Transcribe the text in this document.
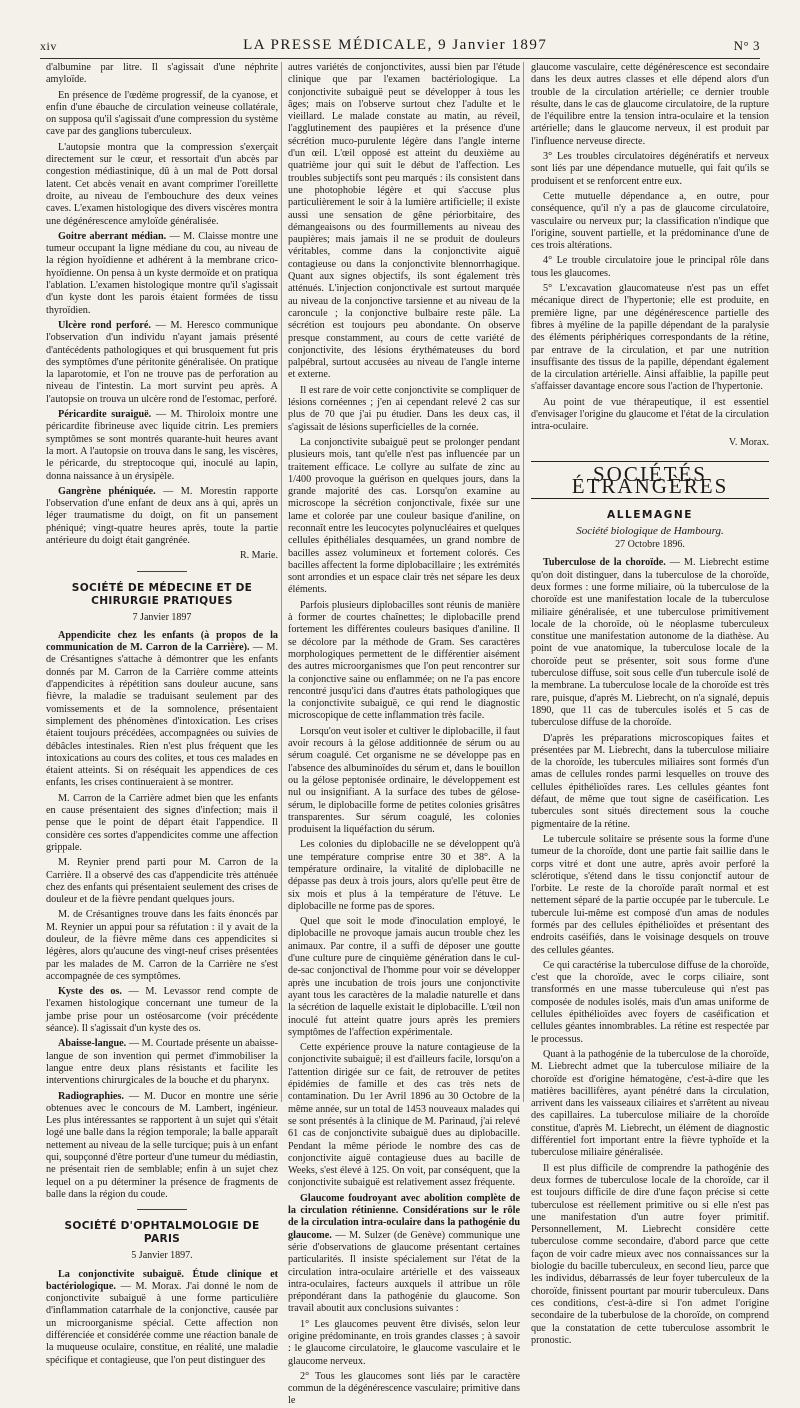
xiv	LA PRESSE MÉDICALE, 9 Janvier 1897	N° 3

d'albumine par litre. Il s'agissait d'une néphrite amyloïde.

En présence de l'œdème progressif, de la cyanose, et enfin d'une ébauche de circulation veineuse collatérale, on supposa qu'il s'agissait d'une compression du système cave par des ganglions tuberculeux.

L'autopsie montra que la compression s'exerçait directement sur le cœur, et ressortait d'un abcès par congestion médiastinique, dû à un mal de Pott dorsal latent. Cet abcès venait en avant comprimer l'oreillette droite, au niveau de l'embouchure des deux veines caves. L'examen histologique des divers viscères montra une dégénérescence amyloïde généralisée.

Goitre aberrant médian. — M. Claisse montre une tumeur occupant la ligne médiane du cou, au niveau de la région hyoïdienne et adhérent à la membrane crico-hyoïdienne. On pensa à un kyste dermoïde et on pratiqua l'ablation. L'examen histologique montre qu'il s'agissait d'un kyste dont les parois étaient formées de tissu thyroïdien.

Ulcère rond perforé. — M. Heresco communique l'observation d'un individu n'ayant jamais présenté d'antécédents pathologiques et qui brusquement fut pris des symptômes d'une péritonite généralisée. On pratique la laparotomie, et l'on ne trouve pas de perforation au niveau de l'intestin. La mort survint peu après. A l'autopsie on trouva un ulcère rond de l'estomac, perforé.

Péricardite suraiguë. — M. Thiroloix montre une péricardite fibrineuse avec liquide citrin. Les premiers symptômes se sont montrés quarante-huit heures avant la mort. A l'autopsie on trouva dans le sang, les viscères, le péricarde, du streptocoque qui, inoculé au lapin, donna naissance à un érysipèle.

Gangrène phéniquée. — M. Morestin rapporte l'observation d'une enfant de deux ans à qui, après un léger traumatisme du doigt, on fit un pansement phéniqué; vingt-quatre heures après, toute la partie antérieure du doigt était gangrénée.

R. Marie.
SOCIÉTÉ DE MÉDECINE ET DE CHIRURGIE PRATIQUES
7 Janvier 1897

Appendicite chez les enfants (à propos de la communication de M. Carron de la Carrière). — M. de Crésantignes s'attache à démontrer que les enfants donnés par M. Carron de la Carrière comme atteints d'appendicites à répétition sans douleur aucune, sans fièvre, la maladie se traduisant seulement par des vomissements et de la somnolence, présentaient simplement des phénomènes d'intoxication. Les crises étaient toujours précédées, accompagnées ou suivies de débâcles intestinales. Rien n'est plus fréquent que les intoxications au cours des colites, et tous ces malades en étaient atteints. Si on réséquait les appendices de ces enfants, les crises continueraient à se montrer.

M. Carron de la Carrière admet bien que les enfants en cause présentaient des signes d'infection; mais il pense que le point de départ était l'appendice. Il considère ces sortes d'appendicites comme une affection grippale.

M. Reynier prend parti pour M. Carron de la Carrière. Il a observé des cas d'appendicite très atténuée chez des enfants qui présentaient seulement des crises de douleur et de la fièvre pendant quelques jours.

M. de Crésantignes trouve dans les faits énoncés par M. Reynier un appui pour sa réfutation : il y avait de la douleur, de la fièvre même dans ces appendicites si légères, alors qu'aucune des vingt-neuf crises présentées par les malades de M. Carron de la Carrière ne s'est accompagnée de ces symptômes.

Kyste des os. — M. Levassor rend compte de l'examen histologique concernant une tumeur de la jambe prise pour un ostéosarcome (voir précédente séance). Il s'agissait d'un kyste des os.

Abaisse-langue. — M. Courtade présente un abaisse-langue de son invention qui permet d'immobiliser la langue entre deux plans résistants et facilite les interventions chirurgicales de la bouche et du pharynx.

Radiographies. — M. Ducor en montre une série obtenues avec le concours de M. Lambert, ingénieur. Les plus intéressantes se rapportent à un sujet qui s'était logé une balle dans la région temporale; la balle apparaît nettement au niveau de la selle turcique; puis à un enfant qui, soupçonné d'être porteur d'une tumeur du médiastin, ne présentait rien de semblable; enfin à un sujet chez lequel on a pu déterminer la présence de fragments de balle dans la région du coude.

SOCIÉTÉ D'OPHTALMOLOGIE DE PARIS
5 Janvier 1897.

La conjonctivite subaiguë. Étude clinique et bactériologique. — M. Morax. J'ai donné le nom de conjonctivite subaiguë à une forme particulière d'inflammation catarrhale de la conjonctive, causée par un microorganisme spécial. Cette affection non différenciée et considérée comme une réaction banale de la muqueuse oculaire, constitue, en réalité, une maladie spécifique et contagieuse, que l'on peut distinguer des

autres variétés de conjonctivites, aussi bien par l'étude clinique que par l'examen bactériologique. La conjonctivite subaiguë peut se développer à tous les âges; mais on l'observe surtout chez l'adulte et le vieillard. Le malade constate au matin, au réveil, l'agglutinement des paupières et la présence d'une sécrétion muco-purulente légère dans l'angle interne d'un œil. L'œil opposé est atteint du deuxième au quatrième jour qui suit le début de l'affection. Les troubles subjectifs sont peu marqués : ils consistent dans une photophobie légère et qui s'accuse plus particulièrement le soir à la lumière artificielle; il existe aussi une sensation de gêne périorbitaire, des démangeaisons ou des fourmillements au niveau des paupières; mais jamais il ne se produit de douleurs véritables, comme dans la conjonctivite aiguë contagieuse ou dans la conjonctivite blennorrhagique. Quant aux signes objectifs, ils sont également très atténués. L'injection conjonctivale est surtout marquée au niveau de la conjonctive tarsienne et au niveau de la caroncule ; la conjonctive bulbaire reste pâle. La sécrétion est toujours peu abondante. On observe presque constamment, au cours de cette variété de conjonctivite, des lésions érythémateuses du bord palpébral, surtout accusées au niveau de l'angle interne et externe.

Il est rare de voir cette conjonctivite se compliquer de lésions cornéennes ; j'en ai cependant relevé 2 cas sur plus de 70 que j'ai pu étudier. Dans les deux cas, il s'agissait de lésions superficielles de la cornée.

La conjonctivite subaiguë peut se prolonger pendant plusieurs mois, tant qu'elle n'est pas influencée par un traitement efficace. Le collyre au sulfate de zinc au 1/400 provoque la guérison en quelques jours, dans la grande majorité des cas. Lorsqu'on examine au microscope la sécrétion conjonctivale, fixée sur une lame et colorée par une couleur basique d'aniline, on reconnaît entre les leucocytes polynucléaires et quelques cellules épithéliales desquamées, un grand nombre de bacilles assez volumineux et fortement colorés. Ces bacilles affectent la forme diplobacillaire ; les extrémités sont arrondies et un espace clair très net sépare les deux éléments.

Parfois plusieurs diplobacilles sont réunis de manière à former de courtes chaînettes; le diplobacille prend fortement les différentes couleurs basiques d'aniline. Il se décolore par la méthode de Gram. Ses caractères morphologiques permettent de le différentier aisément des autres microorganismes que l'on peut rencontrer sur la conjonctive saine ou enflammée; on ne l'a pas encore rencontré jusqu'ici dans d'autres états pathologiques que la conjonctivite subaiguë, ce qui rend le diagnostic microscopique de cette inflammation très facile.

Lorsqu'on veut isoler et cultiver le diplobacille, il faut avoir recours à la gélose additionnée de sérum ou au sérum coagulé. Cet organisme ne se développe pas en l'absence des albuminoïdes du sérum et, dans le bouillon ou la gélose peptonisée ordinaire, le développement est nul ou insignifiant. A la surface des tubes de gélose-sérum, le diplobacille forme de petites colonies grisâtres transparentes. Sur sérum coagulé, les colonies produisent la liquéfaction du sérum.

Les colonies du diplobacille ne se développent qu'à une température comprise entre 30 et 38°. A la température ordinaire, la vitalité de diplobacille ne dépasse pas deux à trois jours, alors qu'elle peut être de six mois et plus à la température de l'étuve. Le diplobacille ne forme pas de spores.

Quel que soit le mode d'inoculation employé, le diplobacille ne provoque jamais aucun trouble chez les animaux. Par contre, il a suffi de déposer une goutte d'une culture pure de cinquième génération dans le cul-de-sac conjonctival de l'homme pour voir se développer après une incubation de trois jours une conjonctivite ayant tous les caractères de la maladie naturelle et dans la sécrétion de laquelle existait le diplobacille. L'œil non inoculé fut atteint quatre jours après les premiers symptômes de l'affection expérimentale.

Cette expérience prouve la nature contagieuse de la conjonctivite subaiguë; il est d'ailleurs facile, lorsqu'on a l'attention dirigée sur ce fait, de retrouver de petites épidémies de famille et des cas très nets de contamination. Du 1er Avril 1896 au 30 Octobre de la même année, sur un total de 1453 nouveaux malades qui se sont présentés à la clinique de M. Parinaud, j'ai relevé 61 cas de conjonctivite subaiguë dues au diplobacille. Pendant la même période le nombre des cas de conjonctivite aiguë contagieuse dues au bacille de Weeks, s'est élevé à 125. On voit, par conséquent, que la conjonctivite subaiguë est relativement assez fréquente.

Glaucome foudroyant avec abolition complète de la circulation rétinienne. Considérations sur le rôle de la circulation intra-oculaire dans la pathogénie du glaucome. — M. Sulzer (de Genève) communique une série d'observations de glaucome présentant certaines particularités. Il insiste spécialement sur l'état de la circulation intra-oculaire artérielle et des vaisseaux intra-oculaires, facteurs auxquels il attribue un rôle prépondérant dans la pathogénie du glaucome. Son travail aboutit aux conclusions suivantes :

1° Les glaucomes peuvent être divisés, selon leur origine prédominante, en trois grandes classes ; à savoir : le glaucome circulatoire, le glaucome vasculaire et le glaucome nerveux.

2° Tous les glaucomes sont liés par le caractère commun de la dégénérescence vasculaire; primitive dans le

glaucome vasculaire, cette dégénérescence est secondaire dans les deux autres classes et elle dépend alors d'un trouble de la circulation artérielle; ce dernier trouble résulte, dans le cas de glaucome circulatoire, de la rupture de l'équilibre entre la tension intra-oculaire et la tension artérielle; dans le glaucome nerveux, il est produit par l'influence nerveuse directe.

3° Les troubles circulatoires dégénératifs et nerveux sont liés par une dépendance mutuelle, qui fait qu'ils se produisent et se renforcent entre eux.

Cette mutuelle dépendance a, en outre, pour conséquence, qu'il n'y a pas de glaucome circulatoire, vasculaire ou nerveux pur; la classification n'indique que l'origine, souvent partielle, et la prédominance d'une de ces trois altérations.

4° Le trouble circulatoire joue le principal rôle dans tous les glaucomes.

5° L'excavation glaucomateuse n'est pas un effet mécanique direct de l'hypertonie; elle est produite, en première ligne, par une dégénérescence partielle des fibres à myéline de la papille dépendant de la paralysie des éléments périphériques correspondants de la rétine, par entrave de la circulation, et par une nutrition insuffisante des tissus de la papille, dépendant également de la circulation artérielle. Ainsi affaiblie, la papille peut s'affaisser davantage encore sous l'action de l'hypertonie.

Au point de vue thérapeutique, il est essentiel d'envisager l'origine du glaucome et l'état de la circulation intra-oculaire.

V. Morax.
SOCIÉTÉS ÉTRANGÈRES
ALLEMAGNE
Société biologique de Hambourg.
27 Octobre 1896.

Tuberculose de la choroïde. — M. Liebrecht estime qu'on doit distinguer, dans la tuberculose de la choroïde, deux formes : une forme miliaire, où la tuberculose de la choroïde est une manifestation locale de la tuberculose miliaire généralisée, et une tuberculose primitivement locale de la choroïde, où le néoplasme tuberculeux constitue une manifestation autonome de la diathèse. Au point de vue anatomique, la tuberculose locale de la choroïde peut se présenter, soit sous forme d'une tuberculose diffuse, soit sous celle d'un tubercule isolé de la membrane. La tuberculose locale de la choroïde est très rare, puisque, d'après M. Liebrecht, on n'a signalé, depuis 1890, que 11 cas de tubercules isolés et 5 cas de tuberculose diffuse de la choroïde.

D'après les préparations microscopiques faites et présentées par M. Liebrecht, dans la tuberculose miliaire de la choroïde, les tubercules miliaires sont formés d'un amas de cellules rondes parmi lesquelles on trouve des cellules épithélioïdes rares. Les cellules géantes font défaut, de même que tout signe de caséification. Les tubercules sont situés directement sous la couche pigmentaire de la rétine.

Le tubercule solitaire se présente sous la forme d'une tumeur de la choroïde, dont une partie fait saillie dans le corps vitré et dont une autre, après avoir perforé la sclérotique, s'étend dans le tissu conjonctif autour de l'orbite. Le reste de la choroïde paraît normal et est nettement séparé de la partie occupée par le tubercule. Le tubercule lui-même est composé d'un amas de nodules formés par des cellules épithélioïdes et présentant des endroits caséifiés, dans le voisinage desquels on trouve des cellules géantes.

Ce qui caractérise la tuberculose diffuse de la choroïde, c'est que la choroïde, avec le corps ciliaire, sont transformés en une masse tuberculeuse qui n'est pas composée de nodules isolés, mais d'un amas uniforme de cellules épithélioïdes avec foyers de caséification et cellules géantes innombrables. La rétine est respectée par le processus.

Quant à la pathogénie de la tuberculose de la choroïde, M. Liebrecht admet que la tuberculose miliaire de la choroïde est d'origine hématogène, c'est-à-dire que les matières bacillifères, ayant pénétré dans la circulation, arrivent dans les vaisseaux ciliaires et s'arrêtent au niveau des capillaires. La tuberculose miliaire de la choroïde constitue, d'après M. Liebrecht, un élément de diagnostic différentiel fort important entre la fièvre typhoïde et la tuberculose miliaire généralisée.

Il est plus difficile de comprendre la pathogénie des deux formes de tuberculose locale de la choroïde, car il est toujours difficile de dire d'une façon précise si cette tuberculose est réellement primitive ou si elle n'est pas une manifestation d'un autre foyer primitif. Personnellement, M. Liebrecht considère cette tuberculose comme secondaire, d'abord parce que cette façon de voir cadre mieux avec nos connaissances sur la biologie du bacille tuberculeux, en second lieu, parce que les individus, débarrassés de leur foyer tuberculeux de la choroïde, finissent pourtant par mourir tuberculeux. Dans ces conditions, c'est-à-dire si l'on admet l'origine secondaire de la tuberbulose de la choroïde, on comprend que la constatation de cette tuberculose assombrit le pronostic.
